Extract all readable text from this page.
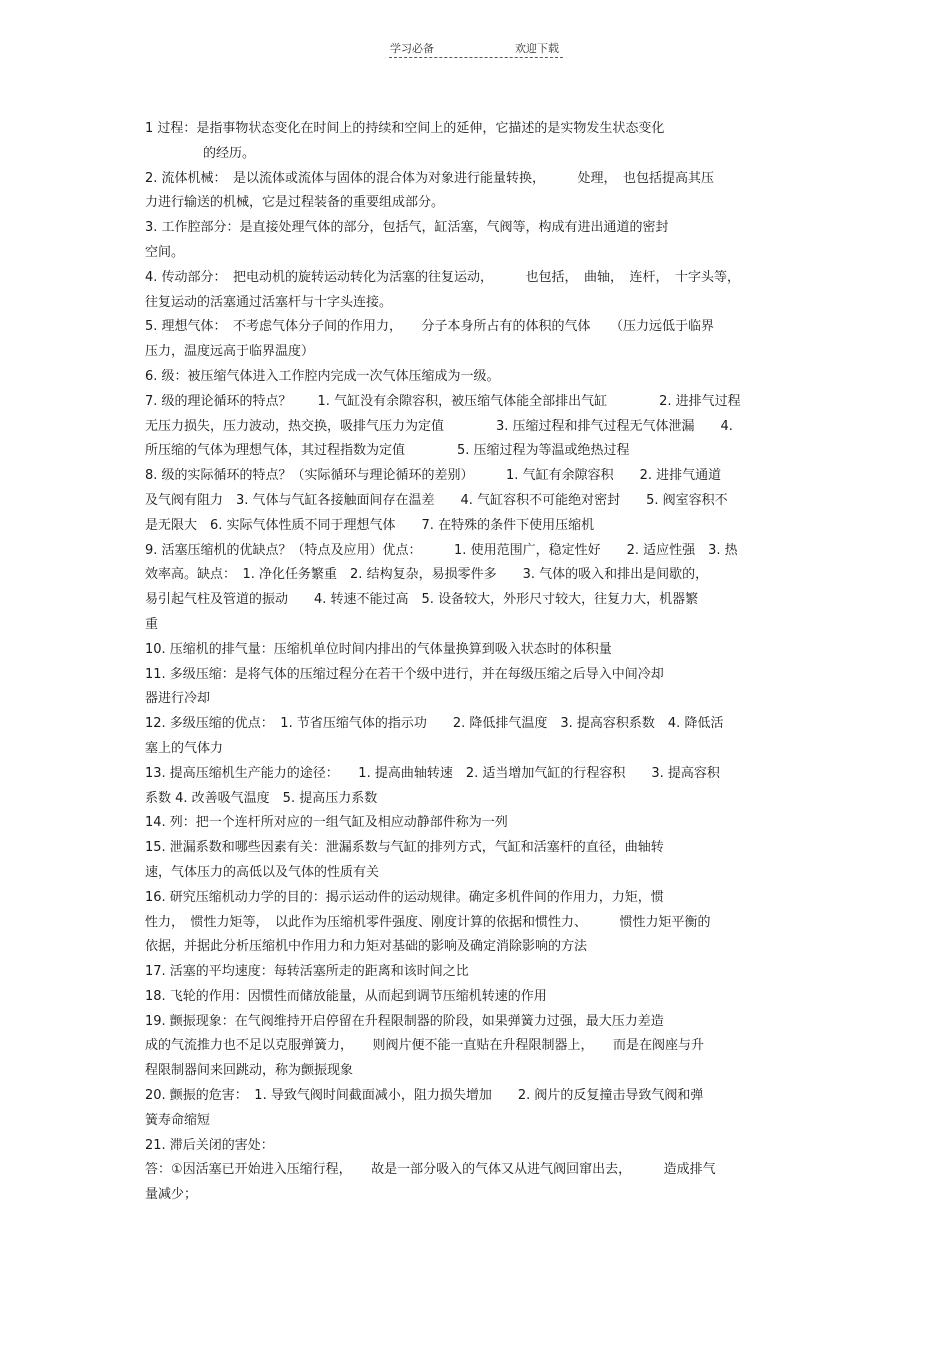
学习必备	欢迎下载
1 过程：是指事物状态变化在时间上的持续和空间上的延伸，它描述的是实物发生状态变化
的经历。
2. 流体机械：　是以流体或流体与固体的混合体为对象进行能量转换，　　　处理，　也包括提高其压
力进行输送的机械，它是过程装备的重要组成部分。
3. 工作腔部分：是直接处理气体的部分，包括气，缸活塞，气阀等，构成有进出通道的密封
空间。
4. 传动部分：　把电动机的旋转运动转化为活塞的往复运动，　　　也包括，　曲轴，　连杆，　十字头等，
往复运动的活塞通过活塞杆与十字头连接。
5. 理想气体：　不考虑气体分子间的作用力，　　分子本身所占有的体积的气体　　（压力远低于临界
压力，温度远高于临界温度）
6. 级：被压缩气体进入工作腔内完成一次气体压缩成为一级。
7. 级的理论循环的特点？　　1. 气缸没有余隙容积，被压缩气体能全部排出气缸　　　　2. 进排气过程
无压力损失，压力波动，热交换，吸排气压力为定值　　　　3. 压缩过程和排气过程无气体泄漏　　4.
所压缩的气体为理想气体，其过程指数为定值　　　　5. 压缩过程为等温或绝热过程
8. 级的实际循环的特点？（实际循环与理论循环的差别）　　　1. 气缸有余隙容积　　2. 进排气通道
及气阀有阻力　3. 气体与气缸各接触面间存在温差　　4. 气缸容积不可能绝对密封　　5. 阀室容积不
是无限大　6. 实际气体性质不同于理想气体　　7. 在特殊的条件下使用压缩机
9. 活塞压缩机的优缺点？（特点及应用）优点：　　　1. 使用范围广，稳定性好　　2. 适应性强　3. 热
效率高。缺点：　1. 净化任务繁重　2. 结构复杂，易损零件多　　3. 气体的吸入和排出是间歇的，
易引起气柱及管道的振动　　4. 转速不能过高　5. 设备较大，外形尺寸较大，往复力大，机器繁
重
10. 压缩机的排气量：压缩机单位时间内排出的气体量换算到吸入状态时的体积量
11. 多级压缩：是将气体的压缩过程分在若干个级中进行，并在每级压缩之后导入中间冷却
器进行冷却
12. 多级压缩的优点：　1. 节省压缩气体的指示功　　2. 降低排气温度　3. 提高容积系数　4. 降低活
塞上的气体力
13. 提高压缩机生产能力的途径：　　1. 提高曲轴转速　2. 适当增加气缸的行程容积　　3. 提高容积
系数 4. 改善吸气温度　5. 提高压力系数
14. 列：把一个连杆所对应的一组气缸及相应动静部件称为一列
15. 泄漏系数和哪些因素有关：泄漏系数与气缸的排列方式，气缸和活塞杆的直径，曲轴转
速，气体压力的高低以及气体的性质有关
16. 研究压缩机动力学的目的：揭示运动件的运动规律。确定多机件间的作用力，力矩，惯
性力，　惯性力矩等，　以此作为压缩机零件强度、刚度计算的依据和惯性力、　　　惯性力矩平衡的
依据，并据此分析压缩机中作用力和力矩对基础的影响及确定消除影响的方法
17. 活塞的平均速度：每转活塞所走的距离和该时间之比
18. 飞轮的作用：因惯性而储放能量，从而起到调节压缩机转速的作用
19. 颤振现象：在气阀维持开启停留在升程限制器的阶段，如果弹簧力过强，最大压力差造
成的气流推力也不足以克服弹簧力，　　则阀片便不能一直贴在升程限制器上，　　而是在阀座与升
程限制器间来回跳动，称为颤振现象
20. 颤振的危害：　1. 导致气阀时间截面减小，阻力损失增加　　2. 阀片的反复撞击导致气阀和弹
簧寿命缩短
21. 滞后关闭的害处：
答：①因活塞已开始进入压缩行程，　　故是一部分吸入的气体又从进气阀回窜出去，　　　造成排气
量减少；
